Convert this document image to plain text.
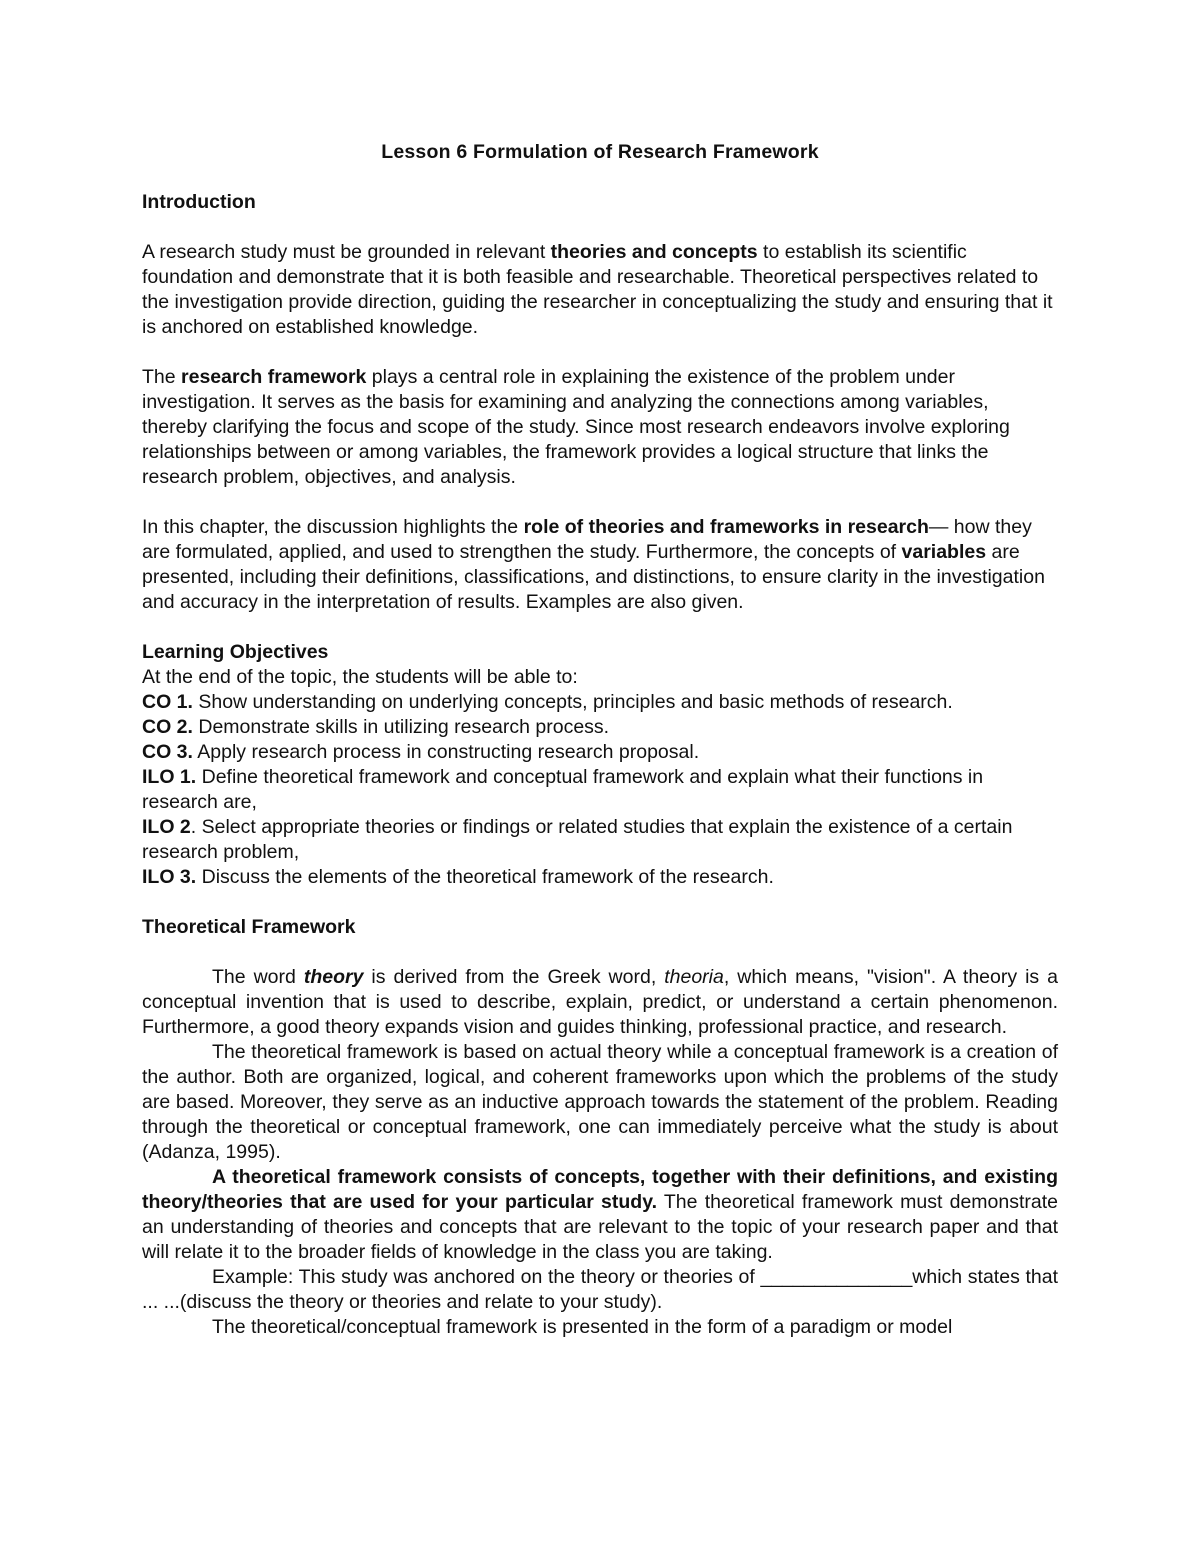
Lesson 6 Formulation of Research Framework

Introduction

A research study must be grounded in relevant theories and concepts to establish its scientific foundation and demonstrate that it is both feasible and researchable. Theoretical perspectives related to the investigation provide direction, guiding the researcher in conceptualizing the study and ensuring that it is anchored on established knowledge.

The research framework plays a central role in explaining the existence of the problem under investigation. It serves as the basis for examining and analyzing the connections among variables, thereby clarifying the focus and scope of the study. Since most research endeavors involve exploring relationships between or among variables, the framework provides a logical structure that links the research problem, objectives, and analysis.

In this chapter, the discussion highlights the role of theories and frameworks in research— how they are formulated, applied, and used to strengthen the study. Furthermore, the concepts of variables are presented, including their definitions, classifications, and distinctions, to ensure clarity in the investigation and accuracy in the interpretation of results. Examples are also given.

Learning Objectives

At the end of the topic, the students will be able to:

CO 1. Show understanding on underlying concepts, principles and basic methods of research.

CO 2. Demonstrate skills in utilizing research process.

CO 3. Apply research process in constructing research proposal.

ILO 1. Define theoretical framework and conceptual framework and explain what their functions in research are,

ILO 2. Select appropriate theories or findings or related studies that explain the existence of a certain research problem,

ILO 3. Discuss the elements of the theoretical framework of the research.

Theoretical Framework

The word theory is derived from the Greek word, theoria, which means, "vision". A theory is a conceptual invention that is used to describe, explain, predict, or understand a certain phenomenon. Furthermore, a good theory expands vision and guides thinking, professional practice, and research.

The theoretical framework is based on actual theory while a conceptual framework is a creation of the author. Both are organized, logical, and coherent frameworks upon which the problems of the study are based. Moreover, they serve as an inductive approach towards the statement of the problem. Reading through the theoretical or conceptual framework, one can immediately perceive what the study is about (Adanza, 1995).

A theoretical framework consists of concepts, together with their definitions, and existing theory/theories that are used for your particular study. The theoretical framework must demonstrate an understanding of theories and concepts that are relevant to the topic of your research paper and that will relate it to the broader fields of knowledge in the class you are taking.

Example: This study was anchored on the theory or theories of ______________which states that ... ...(discuss the theory or theories and relate to your study).

The theoretical/conceptual framework is presented in the form of a paradigm or model
